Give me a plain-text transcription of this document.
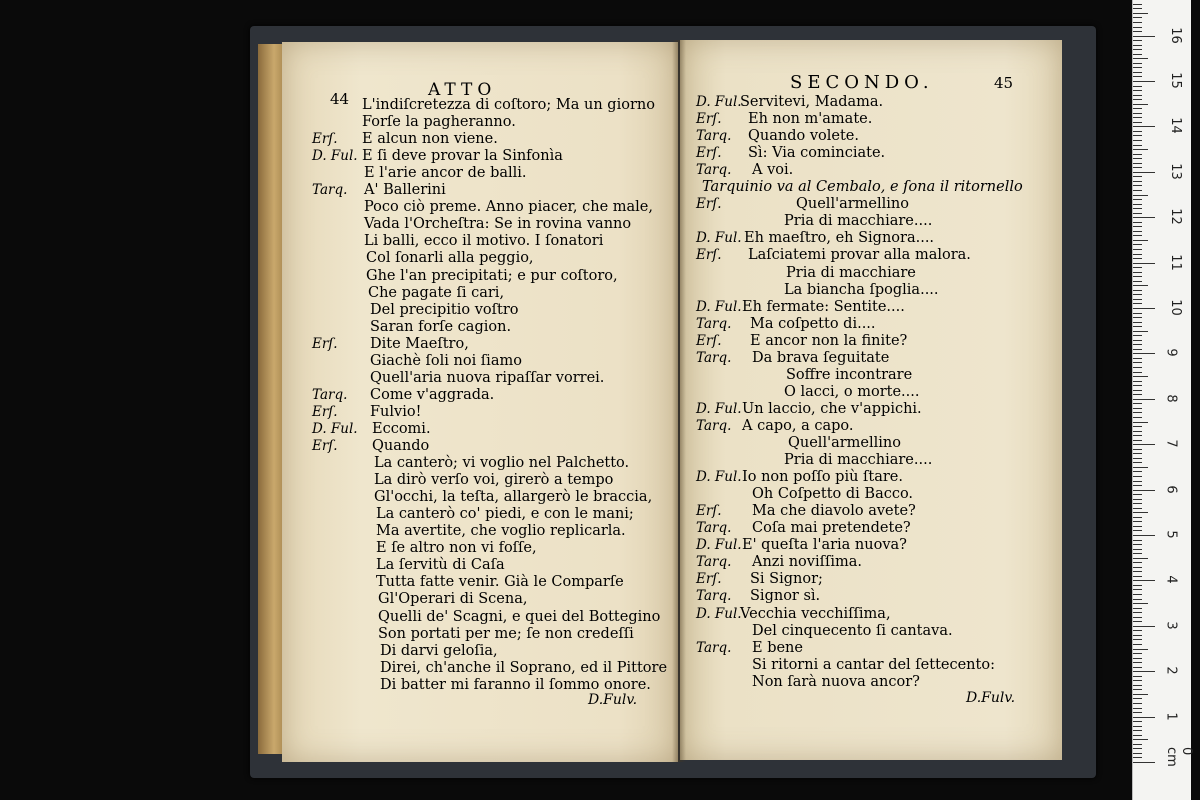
44	ATTO	SECONDO.	45
L'indiſcretezza di coſtoro; Ma un giorno
Forſe la pagheranno.
Erſ. E alcun non viene.
D. Ful. E ſi deve provar la Sinfonìa
E l'arie ancor de balli.
Tarq. A' Ballerini
Poco ciò preme. Anno piacer, che male,
Vada l'Orcheſtra: Se in rovina vanno
Li balli, ecco il motivo. I ſonatori
Col ſonarli alla peggio,
Ghe l'an precipitati; e pur coſtoro,
Che pagate ſi cari,
Del precipitio voſtro
Saran forſe cagion.
Erſ. Dite Maeſtro,
Giachè ſoli noi ſiamo
Quell'aria nuova ripaſſar vorrei.
Tarq. Come v'aggrada.
Erſ. Fulvio!
D. Ful. Eccomi.
Erſ. Quando
La canterò; vi voglio nel Palchetto.
La dirò verſo voi, girerò a tempo
Gl'occhi, la teſta, allargerò le braccia,
La canterò co' piedi, e con le mani;
Ma avertite, che voglio replicarla.
E ſe altro non vi foſſe,
La ſervitù di Caſa
Tutta fatte venir. Già le Comparſe
Gl'Operari di Scena,
Quelli de' Scagni, e quei del Bottegino
Son portati per me; ſe non credeſſi
Di darvi geloſia,
Direi, ch'anche il Soprano, ed il Pittore
Di batter mi faranno il ſommo onore.
D. Ful.
Servitevi, Madama.
Erſ. Eh non m'amate.
Tarq. Quando volete.
Erſ. Sì: Via cominciate.
Tarq. A voi.
Tarquinio va al Cembalo, e ſona il ritornello
Erſ.	Quell'armellino
Pria di macchiare....
D. Ful. Eh maeſtro, eh Signora....
Erſ. Laſciatemi provar alla malora.
Pria di macchiare
La biancha ſpoglia....
D. Ful. Eh fermate: Sentite....
Tarq. Ma coſpetto di....
Erſ. E ancor non la finite?
Tarq. Da brava ſeguitate
Soffre incontrare
O lacci, o morte....
D. Ful. Un laccio, che v'appichi.
Tarq. A capo, a capo.
Quell'armellino
Pria di macchiare....
D. Ful. Io non poſſo più ſtare.
Oh Coſpetto di Bacco.
Erſ. Ma che diavolo avete?
Tarq. Coſa mai pretendete?
D. Ful. E' queſta l'aria nuova?
Tarq. Anzi noviſſima.
Erſ. Si Signor;
Tarq. Signor sì.
D. Ful.
Vecchia vecchiſſima,
Del cinquecento ſi cantava.
Tarq. E bene
Si ritorni a cantar del ſettecento:
Non ſarà nuova ancor?
D.Fulv.	D.Fulv.
16
15
14
13
12
11
10
9
8
7
6
5
4
3
2
1
0 cm
